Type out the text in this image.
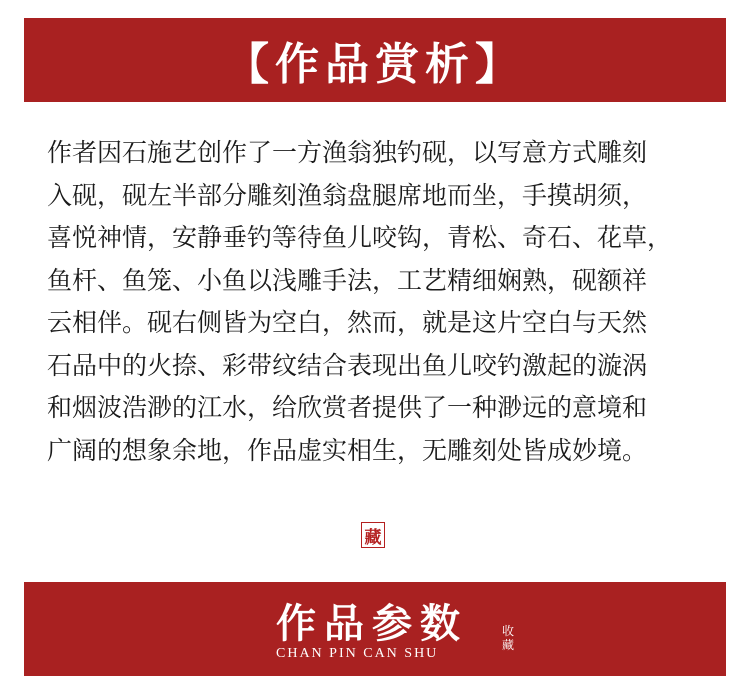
【作品赏析】
作者因石施艺创作了一方渔翁独钓砚，以写意方式雕刻
入砚，砚左半部分雕刻渔翁盘腿席地而坐，手摸胡须，
喜悦神情，安静垂钓等待鱼儿咬钩，青松、奇石、花草，
鱼杆、鱼笼、小鱼以浅雕手法，工艺精细娴熟，砚额祥
云相伴。砚右侧皆为空白，然而，就是这片空白与天然
石品中的火捺、彩带纹结合表现出鱼儿咬钓激起的漩涡
和烟波浩渺的江水，给欣赏者提供了一种渺远的意境和
广阔的想象余地，作品虚实相生，无雕刻处皆成妙境。
藏
作品参数
CHAN PIN CAN SHU
收
藏
